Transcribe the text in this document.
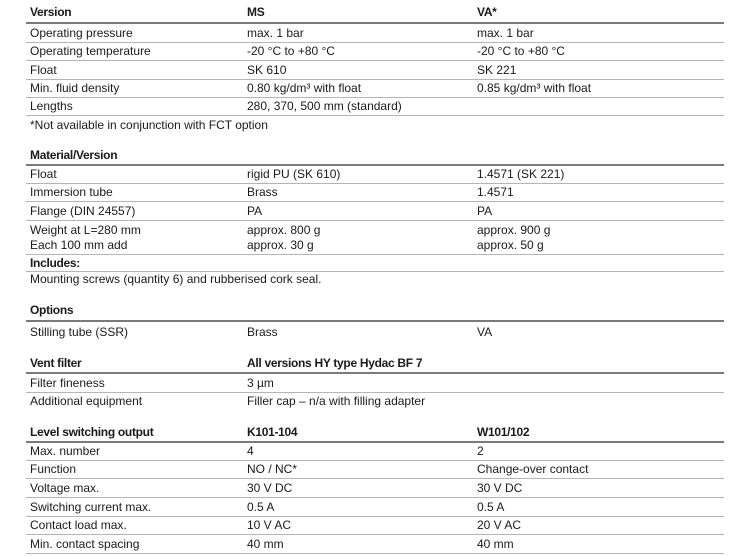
Version	MS	VA*
Operating pressure	max. 1 bar	max. 1 bar
Operating temperature	-20 °C to +80 °C	-20 °C to +80 °C
Float	SK 610	SK 221
Min. fluid density	0.80 kg/dm³ with float	0.85 kg/dm³ with float
Lengths	280, 370, 500 mm (standard)
*Not available in conjunction with FCT option
Material/Version
Float	rigid PU (SK 610)	1.4571 (SK 221)
Immersion tube	Brass	1.4571
Flange (DIN 24557)	PA	PA
Weight at L=280 mm	approx. 800 g	approx. 900 g
Each 100 mm add	approx. 30 g	approx. 50 g
Includes:
Mounting screws (quantity 6) and rubberised cork seal.
Options
Stilling tube (SSR)	Brass	VA
Vent filter	All versions HY type Hydac BF 7
Filter fineness	3 µm
Additional equipment	Filler cap – n/a with filling adapter
Level switching output	K101-104	W101/102
Max. number	4	2
Function	NO / NC*	Change-over contact
Voltage max.	30 V DC	30 V DC
Switching current max.	0.5 A	0.5 A
Contact load max.	10 V AC	20 V AC
Min. contact spacing	40 mm	40 mm
